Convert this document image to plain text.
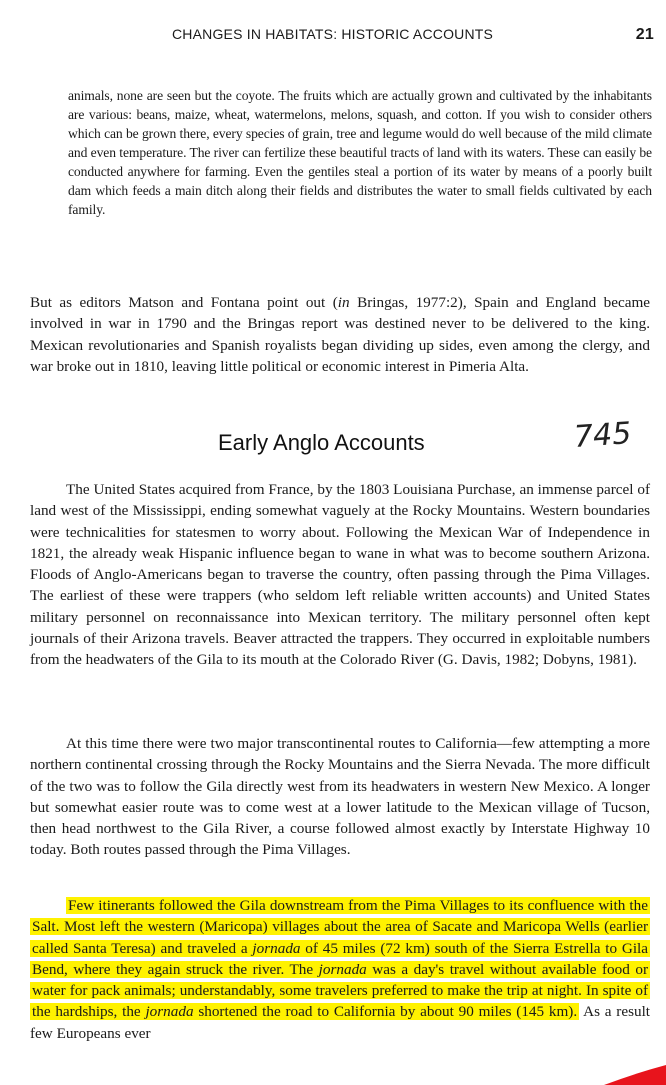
CHANGES IN HABITATS: HISTORIC ACCOUNTS	21
animals, none are seen but the coyote. The fruits which are actually grown and cultivated by the inhabitants are various: beans, maize, wheat, watermelons, melons, squash, and cotton. If you wish to consider others which can be grown there, every species of grain, tree and legume would do well because of the mild climate and even temperature. The river can fertilize these beautiful tracts of land with its waters. These can easily be conducted anywhere for farming. Even the gentiles steal a portion of its water by means of a poorly built dam which feeds a main ditch along their fields and distributes the water to small fields cultivated by each family.

But as editors Matson and Fontana point out (in Bringas, 1977:2), Spain and England became involved in war in 1790 and the Bringas report was destined never to be delivered to the king. Mexican revolutionaries and Spanish royalists began dividing up sides, even among the clergy, and war broke out in 1810, leaving little political or economic interest in Pimeria Alta.

Early Anglo Accounts	745

The United States acquired from France, by the 1803 Louisiana Purchase, an immense parcel of land west of the Mississippi, ending somewhat vaguely at the Rocky Mountains. Western boundaries were technicalities for statesmen to worry about. Following the Mexican War of Independence in 1821, the already weak Hispanic influence began to wane in what was to become southern Arizona. Floods of Anglo-Americans began to traverse the country, often passing through the Pima Villages. The earliest of these were trappers (who seldom left reliable written accounts) and United States military personnel on reconnaissance into Mexican territory. The military personnel often kept journals of their Arizona travels. Beaver attracted the trappers. They occurred in exploitable numbers from the headwaters of the Gila to its mouth at the Colorado River (G. Davis, 1982; Dobyns, 1981).

At this time there were two major transcontinental routes to California—few attempting a more northern continental crossing through the Rocky Mountains and the Sierra Nevada. The more difficult of the two was to follow the Gila directly west from its headwaters in western New Mexico. A longer but somewhat easier route was to come west at a lower latitude to the Mexican village of Tucson, then head northwest to the Gila River, a course followed almost exactly by Interstate Highway 10 today. Both routes passed through the Pima Villages.

Few itinerants followed the Gila downstream from the Pima Villages to its confluence with the Salt. Most left the western (Maricopa) villages about the area of Sacate and Maricopa Wells (earlier called Santa Teresa) and traveled a jornada of 45 miles (72 km) south of the Sierra Estrella to Gila Bend, where they again struck the river. The jornada was a day's travel without available food or water for pack animals; understandably, some travelers preferred to make the trip at night. In spite of the hardships, the jornada shortened the road to California by about 90 miles (145 km). As a result few Europeans ever
